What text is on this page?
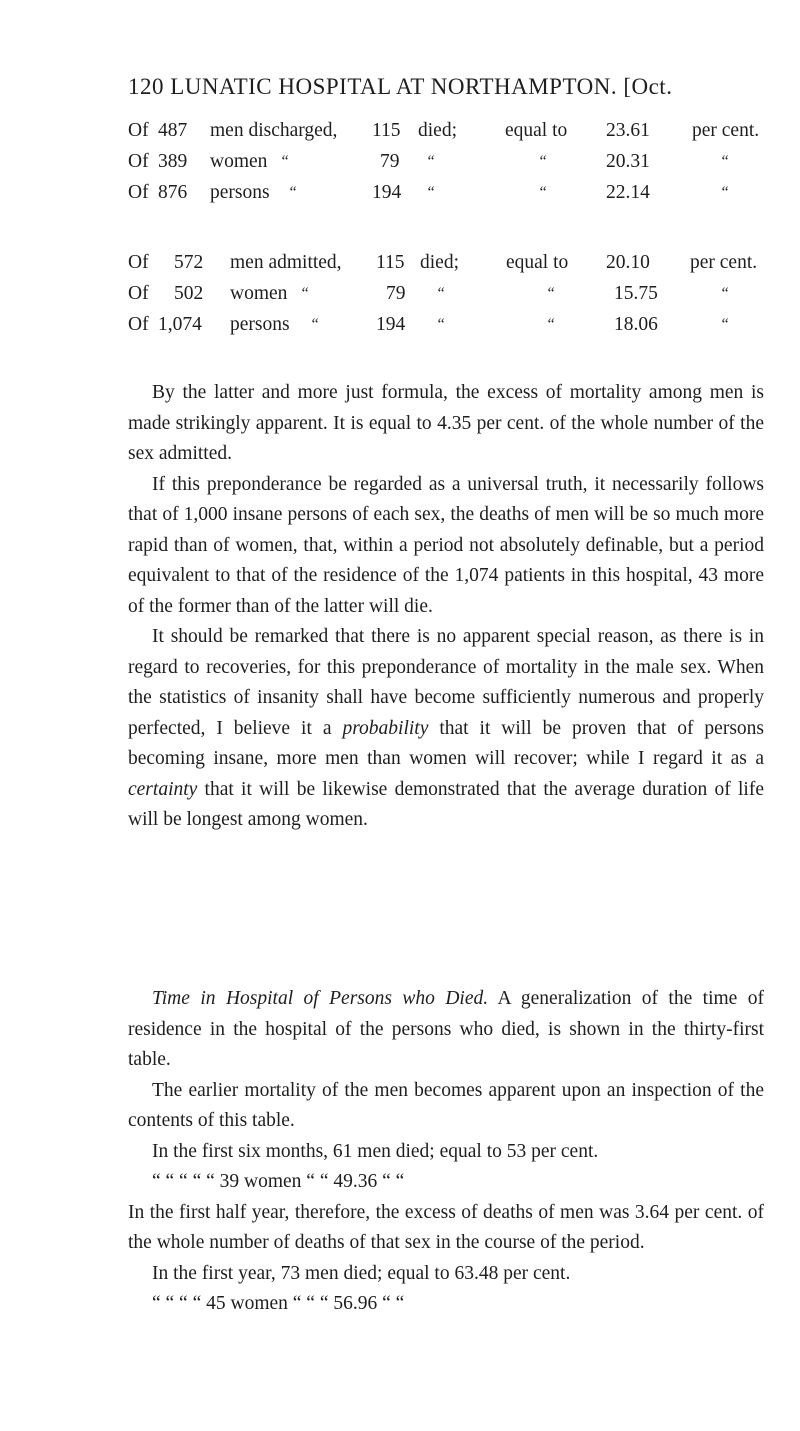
120 LUNATIC HOSPITAL AT NORTHAMPTON. [Oct.
Of 487 men discharged, 115 died; equal to 23.61 per cent.
Of 389 women “	79 “	“	20.31	“
Of 876 persons “	194 “	“	22.14	“
Of 572 men admitted, 115 died; equal to 20.10 per cent.
Of 502 women “	79 “	“	15.75	“
Of 1,074 persons “	194 “	“	18.06	“

By the latter and more just formula, the excess of mortality among men is made strikingly apparent. It is equal to 4.35 per cent. of the whole number of the sex admitted.

If this preponderance be regarded as a universal truth, it necessarily follows that of 1,000 insane persons of each sex, the deaths of men will be so much more rapid than of women, that, within a period not absolutely definable, but a period equivalent to that of the residence of the 1,074 patients in this hospital, 43 more of the former than of the latter will die.

It should be remarked that there is no apparent special reason, as there is in regard to recoveries, for this preponderance of mortality in the male sex. When the statistics of insanity shall have become sufficiently numerous and properly perfected, I believe it a probability that it will be proven that of persons becoming insane, more men than women will recover; while I regard it as a certainty that it will be likewise demonstrated that the average duration of life will be longest among women.

Time in Hospital of Persons who Died. A generalization of the time of residence in the hospital of the persons who died, is shown in the thirty-first table.

The earlier mortality of the men becomes apparent upon an inspection of the contents of this table.

In the first six months, 61 men died; equal to 53 per cent.

“ “ “ “ “ 39 women “ “ 49.36 “ “

In the first half year, therefore, the excess of deaths of men was 3.64 per cent. of the whole number of deaths of that sex in the course of the period.

In the first year, 73 men died; equal to 63.48 per cent.

“ “ “ “ 45 women “ “ “ 56.96 “ “
